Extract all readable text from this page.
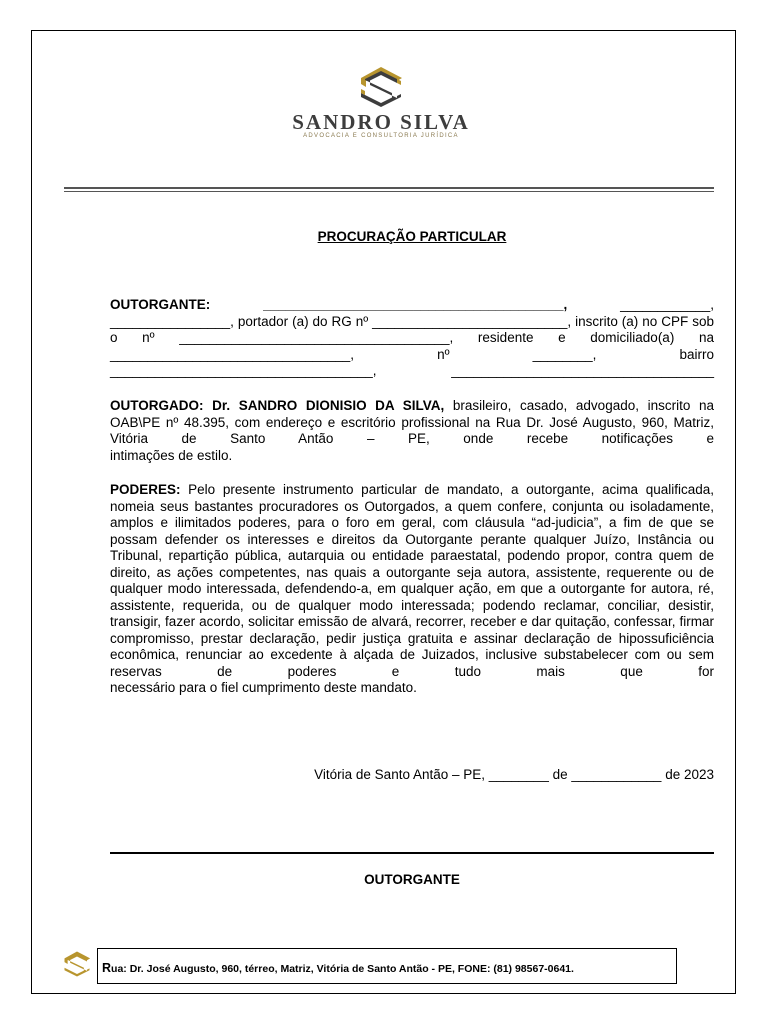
SANDRO SILVA
ADVOCACIA E CONSULTORIA JURÍDICA
PROCURAÇÃO PARTICULAR
OUTORGANTE: ________________________________________, ____________, ________________, portador (a) do RG nº __________________________, inscrito (a) no CPF sob o nº ____________________________________, residente e domiciliado(a) na ________________________________, nº ________, bairro ___________________________________, ___________________________________
OUTORGADO: Dr. SANDRO DIONISIO DA SILVA, brasileiro, casado, advogado, inscrito na OAB\PE nº 48.395, com endereço e escritório profissional na Rua Dr. José Augusto, 960, Matriz, Vitória de Santo Antão – PE, onde recebe notificações e
intimações de estilo.
PODERES: Pelo presente instrumento particular de mandato, a outorgante, acima qualificada, nomeia seus bastantes procuradores os Outorgados, a quem confere, conjunta ou isoladamente, amplos e ilimitados poderes, para o foro em geral, com cláusula “ad-judicia”, a fim de que se possam defender os interesses e direitos da Outorgante perante qualquer Juízo, Instância ou Tribunal, repartição pública, autarquia ou entidade paraestatal, podendo propor, contra quem de direito, as ações competentes, nas quais a outorgante seja autora, assistente, requerente ou de qualquer modo interessada, defendendo-a, em qualquer ação, em que a outorgante for autora, ré, assistente, requerida, ou de qualquer modo interessada; podendo reclamar, conciliar, desistir, transigir, fazer acordo, solicitar emissão de alvará, recorrer, receber e dar quitação, confessar, firmar compromisso, prestar declaração, pedir justiça gratuita e assinar declaração de hipossuficiência econômica, renunciar ao excedente à alçada de Juizados, inclusive substabelecer com ou sem reservas de poderes e tudo mais que for
necessário para o fiel cumprimento deste mandato.
Vitória de Santo Antão – PE, ________ de ____________ de 2023
OUTORGANTE
Rua: Dr. José Augusto, 960, térreo, Matriz, Vitória de Santo Antão - PE, FONE: (81) 98567-0641.
